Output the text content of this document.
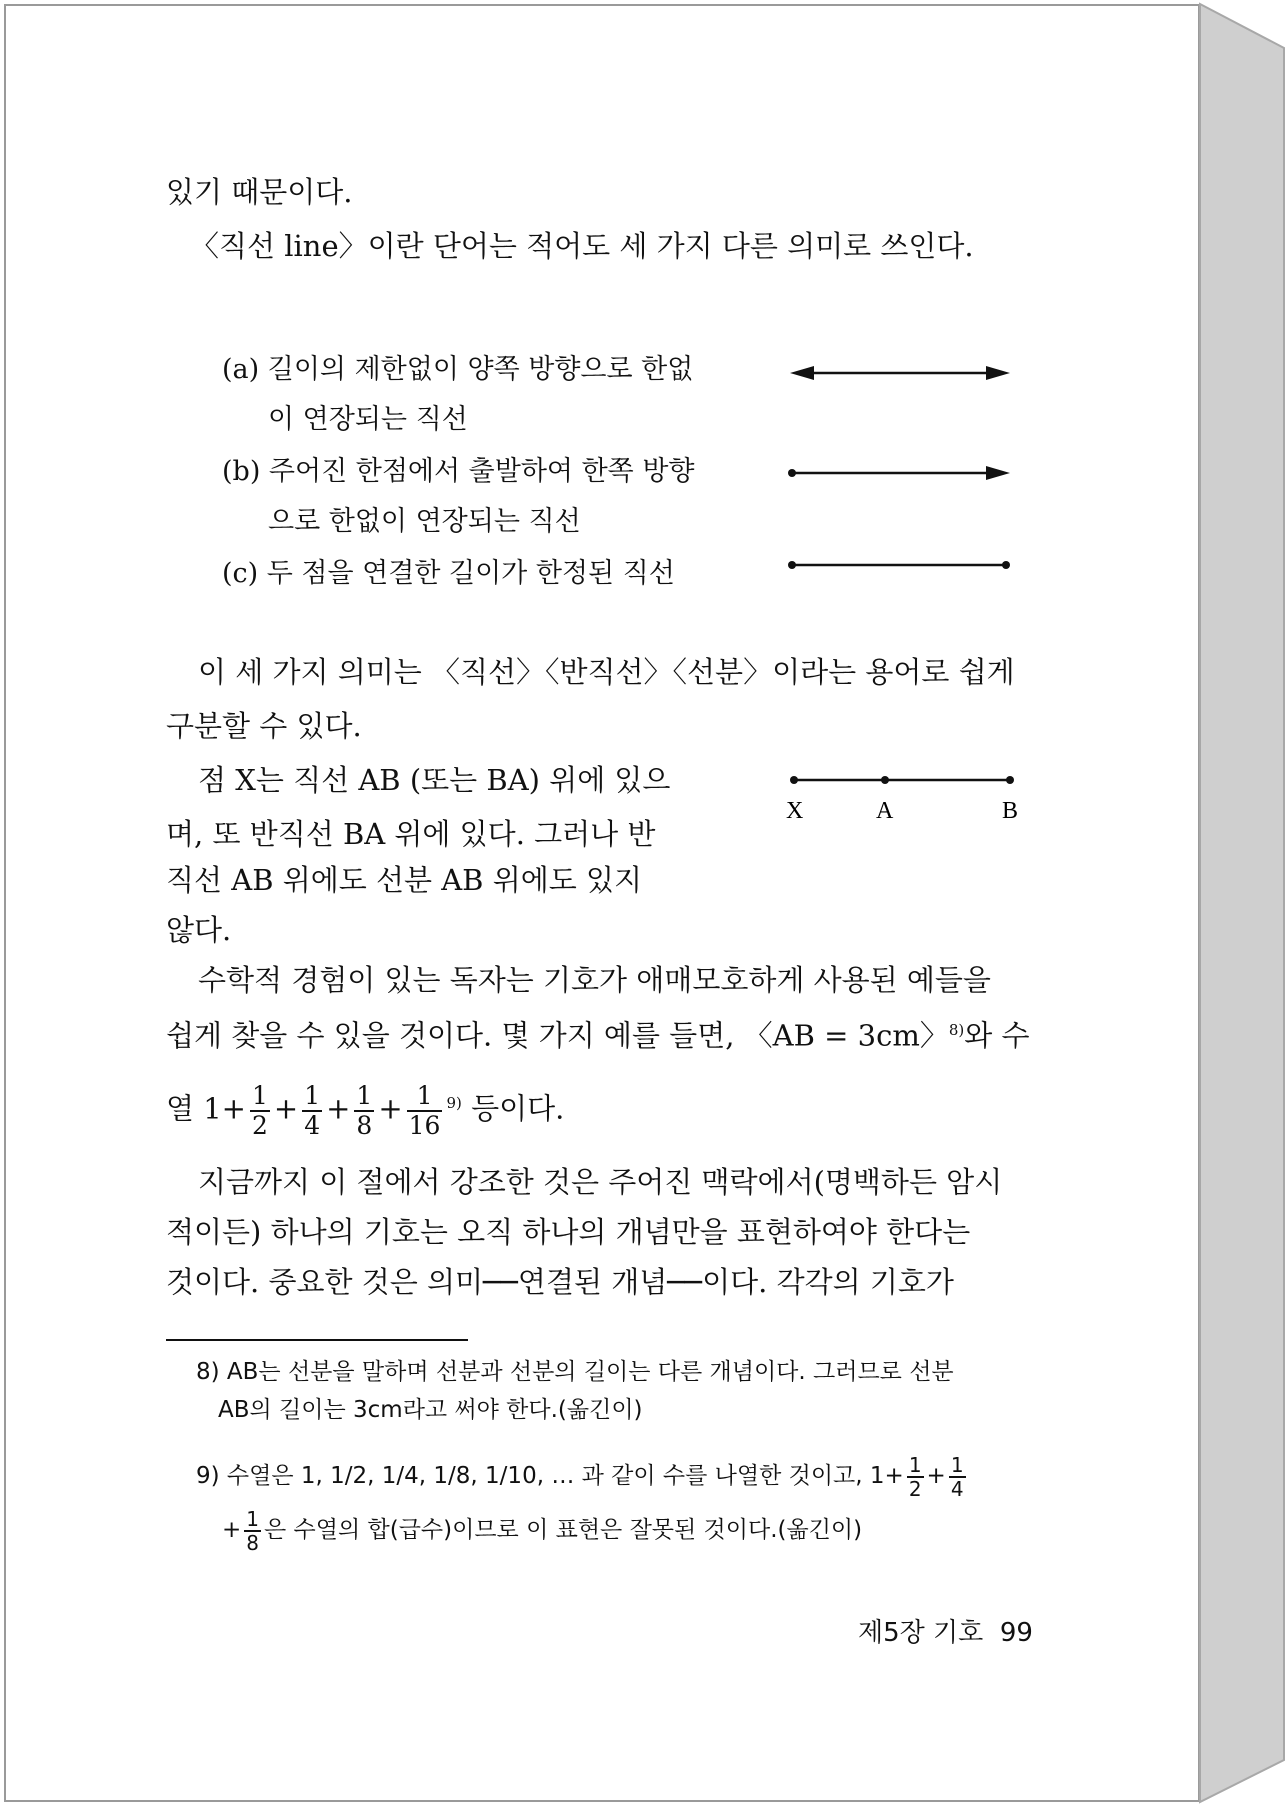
있기 때문이다.
〈직선 line〉이란 단어는 적어도 세 가지 다른 의미로 쓰인다.
(a) 길이의 제한없이 양쪽 방향으로 한없
이 연장되는 직선
(b) 주어진 한점에서 출발하여 한쪽 방향
으로 한없이 연장되는 직선
(c) 두 점을 연결한 길이가 한정된 직선
이 세 가지 의미는 〈직선〉〈반직선〉〈선분〉이라는 용어로 쉽게
구분할 수 있다.
점 X는 직선 AB (또는 BA) 위에 있으
며, 또 반직선 BA 위에 있다. 그러나 반
직선 AB 위에도 선분 AB 위에도 있지
않다.
X	A	B
수학적 경험이 있는 독자는 기호가 애매모호하게 사용된 예들을
쉽게 찾을 수 있을 것이다. 몇 가지 예를 들면, 〈AB = 3cm〉$^{8)}$와 수
열 $1+ \frac{1}{2} + \frac{1}{4} + \frac{1}{8} + \frac{1}{16} ^{9)}$ 등이다.
지금까지 이 절에서 강조한 것은 주어진 맥락에서(명백하든 암시
적이든) 하나의 기호는 오직 하나의 개념만을 표현하여야 한다는
것이다. 중요한 것은 의미──연결된 개념──이다. 각각의 기호가
8) AB는 선분을 말하며 선분과 선분의 길이는 다른 개념이다. 그러므로 선분
AB의 길이는 3cm라고 써야 한다.(옮긴이)
9) 수열은 1, 1/2, 1/4, 1/8, 1/10, … 과 같이 수를 나열한 것이고, $1+ \frac{1}{2} + \frac{1}{4}$
+ $\frac{1}{8}$ 은 수열의 합(급수)이므로 이 표현은 잘못된 것이다.(옮긴이)
제5장 기호 99
